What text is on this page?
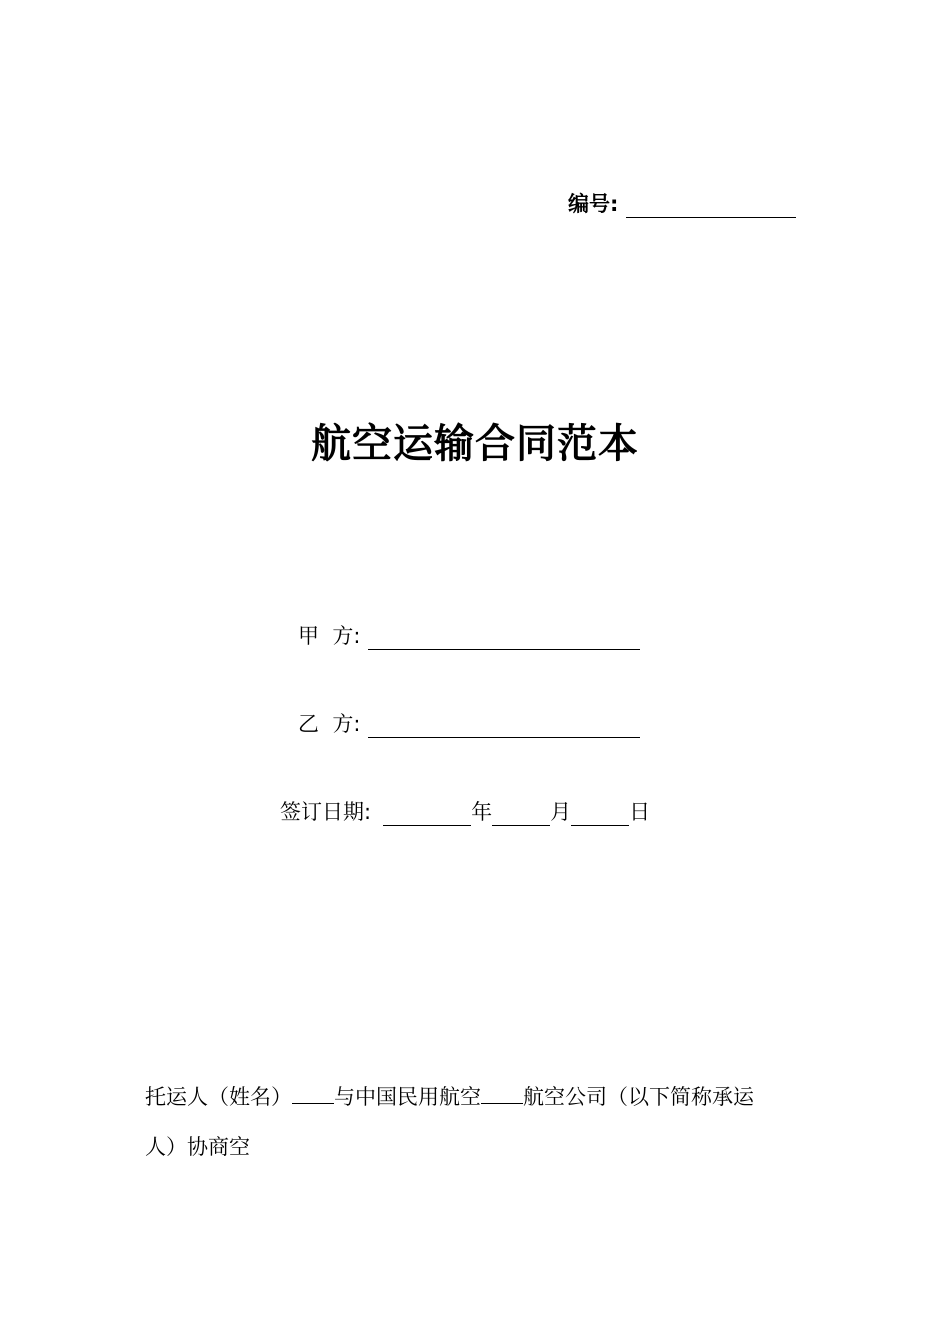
编号:
航空运输合同范本
甲  方:
乙  方:
签订日期:	年	月	日
托运人（姓名） 与中国民用航空 航空公司（以下简称承运
人）协商空
